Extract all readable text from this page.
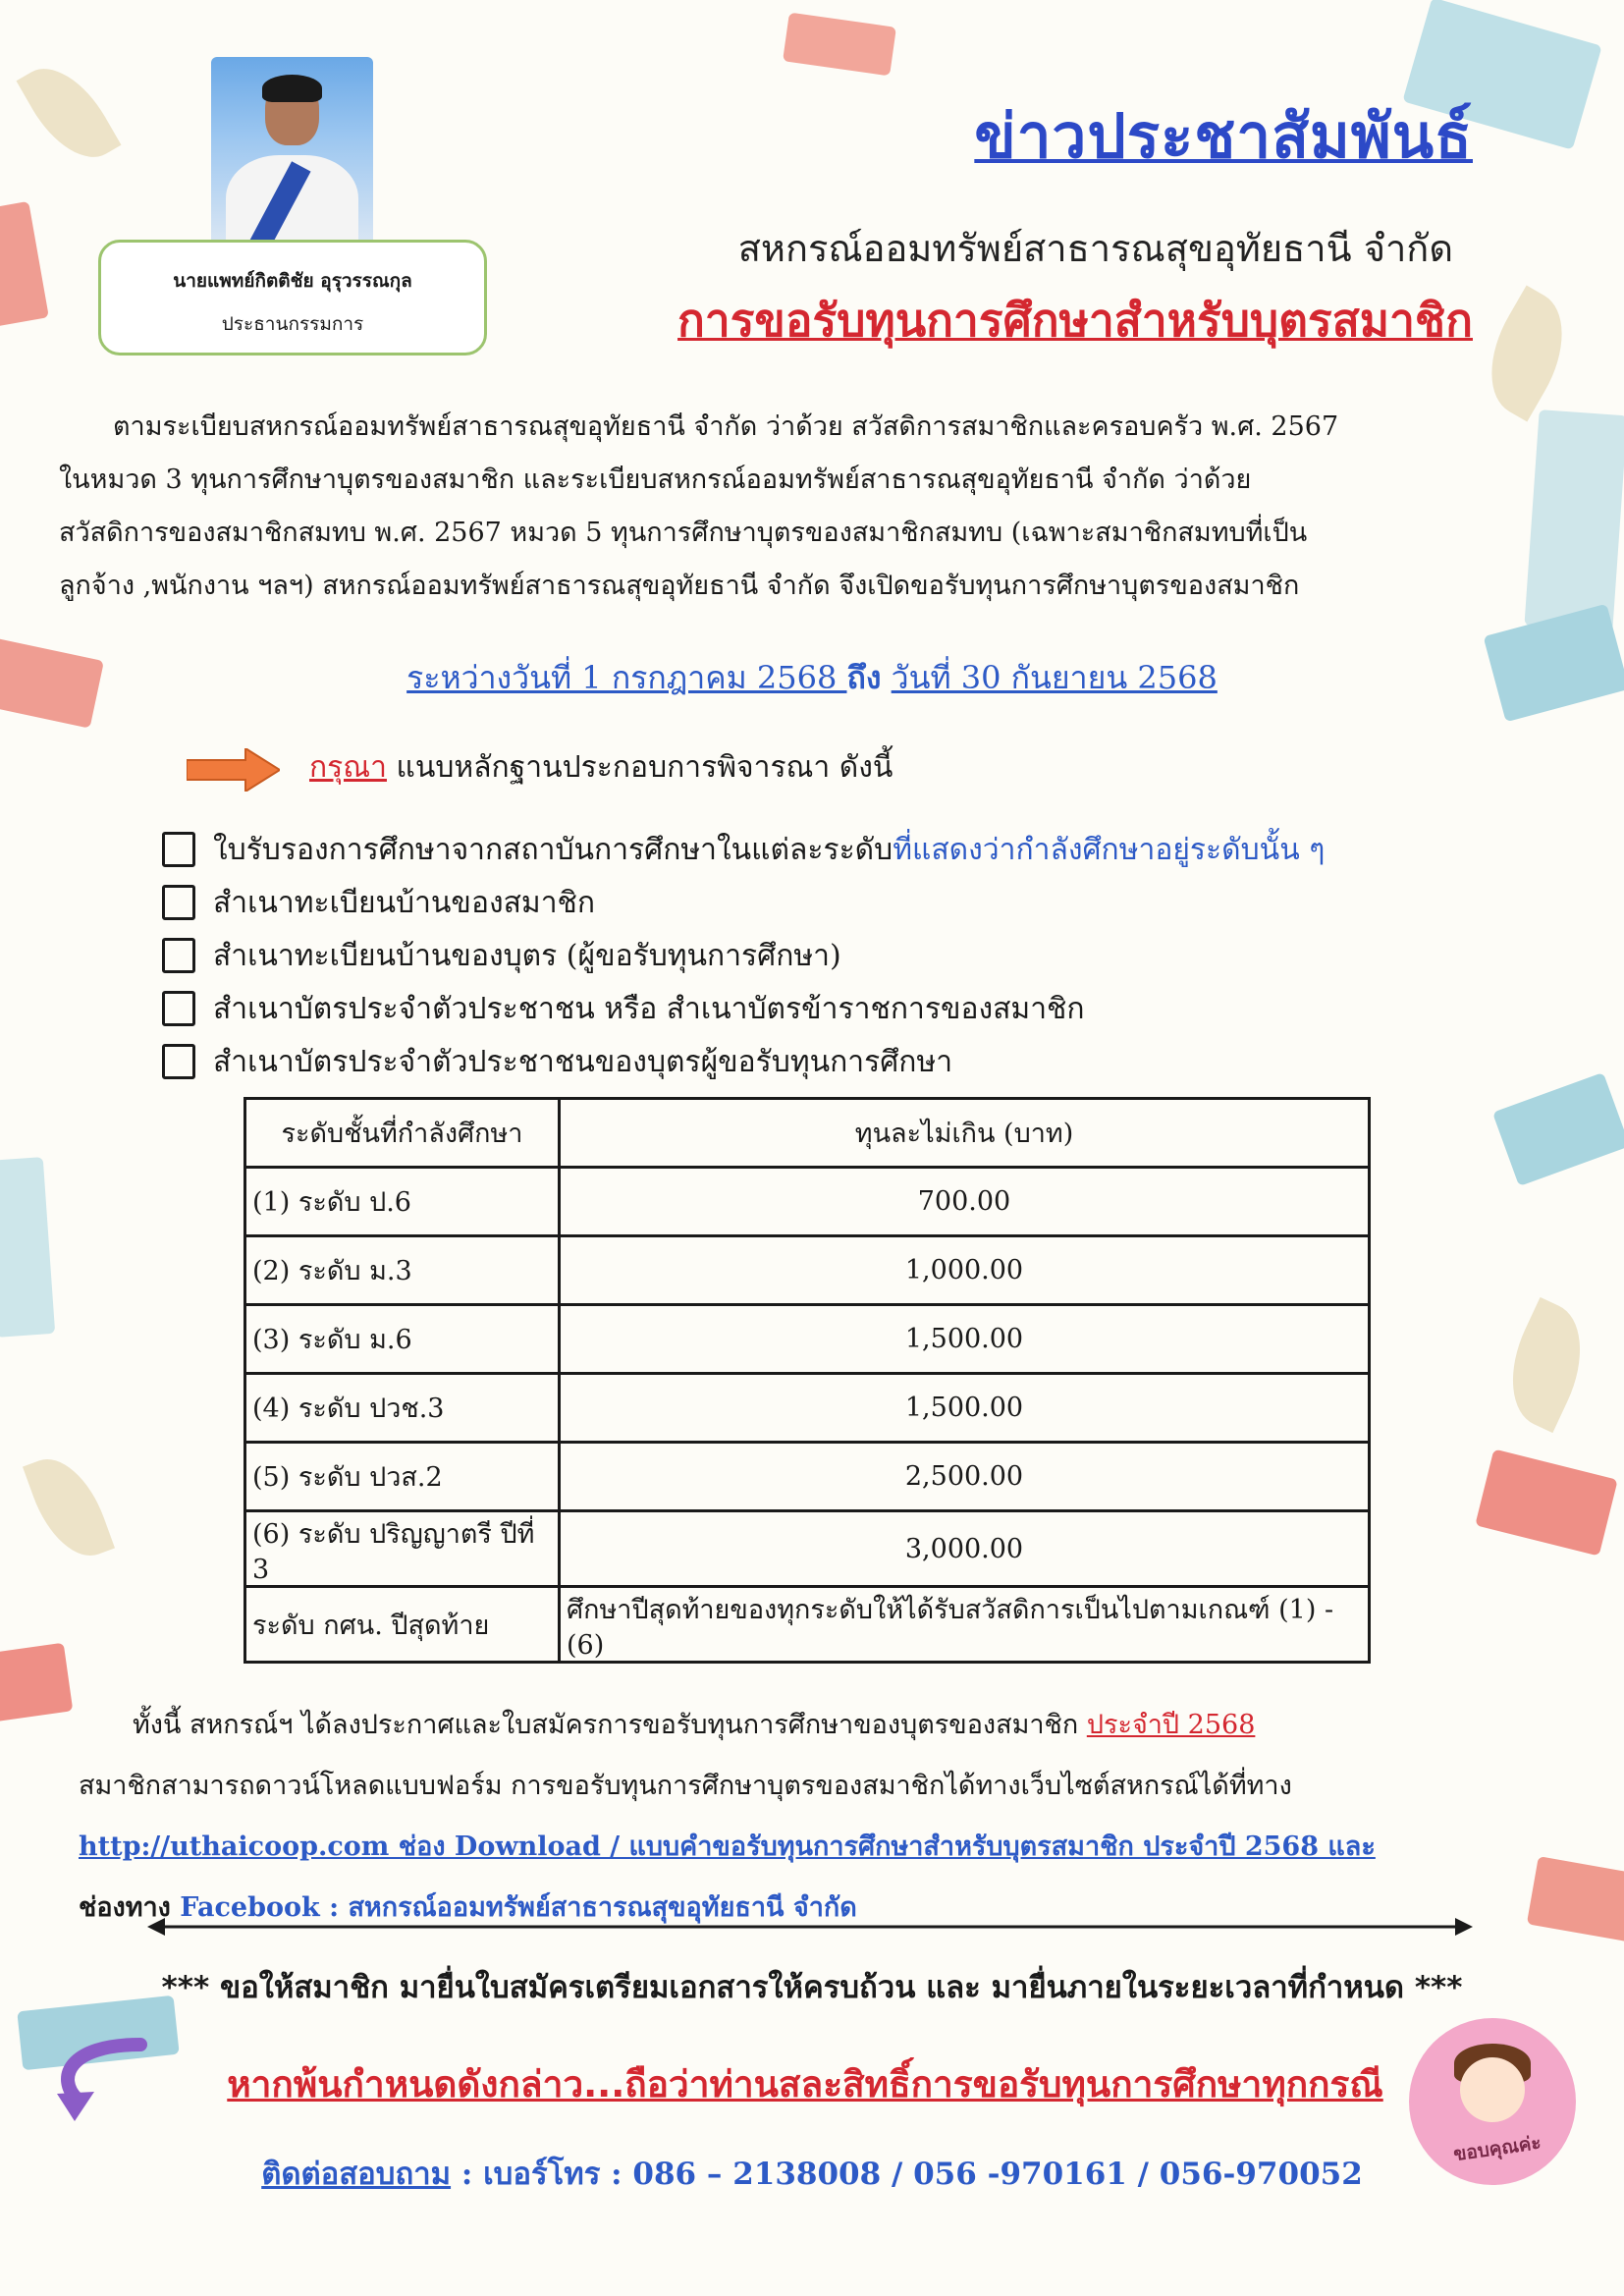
นายแพทย์กิตติชัย อุรุวรรณกุล
ประธานกรรมการ
ข่าวประชาสัมพันธ์
สหกรณ์ออมทรัพย์สาธารณสุขอุทัยธานี จำกัด
การขอรับทุนการศึกษาสำหรับบุตรสมาชิก

ตามระเบียบสหกรณ์ออมทรัพย์สาธารณสุขอุทัยธานี จำกัด ว่าด้วย สวัสดิการสมาชิกและครอบครัว พ.ศ. 2567

ในหมวด 3 ทุนการศึกษาบุตรของสมาชิก และระเบียบสหกรณ์ออมทรัพย์สาธารณสุขอุทัยธานี จำกัด ว่าด้วย

สวัสดิการของสมาชิกสมทบ พ.ศ. 2567 หมวด 5 ทุนการศึกษาบุตรของสมาชิกสมทบ (เฉพาะสมาชิกสมทบที่เป็น

ลูกจ้าง ,พนักงาน ฯลฯ) สหกรณ์ออมทรัพย์สาธารณสุขอุทัยธานี จำกัด จึงเปิดขอรับทุนการศึกษาบุตรของสมาชิก

ระหว่างวันที่ 1 กรกฎาคม 2568 ถึง วันที่ 30 กันยายน 2568
กรุณา แนบหลักฐานประกอบการพิจารณา ดังนี้
ใบรับรองการศึกษาจากสถาบันการศึกษาในแต่ละระดับ ที่แสดงว่ากำลังศึกษาอยู่ระดับนั้น ๆ
สำเนาทะเบียนบ้านของสมาชิก
สำเนาทะเบียนบ้านของบุตร (ผู้ขอรับทุนการศึกษา)
สำเนาบัตรประจำตัวประชาชน หรือ สำเนาบัตรข้าราชการของสมาชิก
สำเนาบัตรประจำตัวประชาชนของบุตรผู้ขอรับทุนการศึกษา
ระดับชั้นที่กำลังศึกษา	ทุนละไม่เกิน (บาท)
(1) ระดับ ป.6	700.00
(2) ระดับ ม.3	1,000.00
(3) ระดับ ม.6	1,500.00
(4) ระดับ ปวช.3	1,500.00
(5) ระดับ ปวส.2	2,500.00
(6) ระดับ ปริญญาตรี ปีที่ 3	3,000.00
ระดับ กศน. ปีสุดท้าย	ศึกษาปีสุดท้ายของทุกระดับให้ได้รับสวัสดิการเป็นไปตามเกณฑ์ (1) - (6)

ทั้งนี้ สหกรณ์ฯ ได้ลงประกาศและใบสมัครการขอรับทุนการศึกษาของบุตรของสมาชิก ประจำปี 2568

สมาชิกสามารถดาวน์โหลดแบบฟอร์ม การขอรับทุนการศึกษาบุตรของสมาชิกได้ทางเว็บไซต์สหกรณ์ได้ที่ทาง

http://uthaicoop.com ช่อง Download / แบบคำขอรับทุนการศึกษาสำหรับบุตรสมาชิก ประจำปี 2568 และ

ช่องทาง Facebook : สหกรณ์ออมทรัพย์สาธารณสุขอุทัยธานี จำกัด

*** ขอให้สมาชิก มายื่นใบสมัครเตรียมเอกสารให้ครบถ้วน และ มายื่นภายในระยะเวลาที่กำหนด ***
หากพ้นกำหนดดังกล่าว...ถือว่าท่านสละสิทธิ์การขอรับทุนการศึกษาทุกกรณี
ขอบคุณค่ะ
ติดต่อสอบถาม : เบอร์โทร : 086 – 2138008 / 056 -970161 / 056-970052
